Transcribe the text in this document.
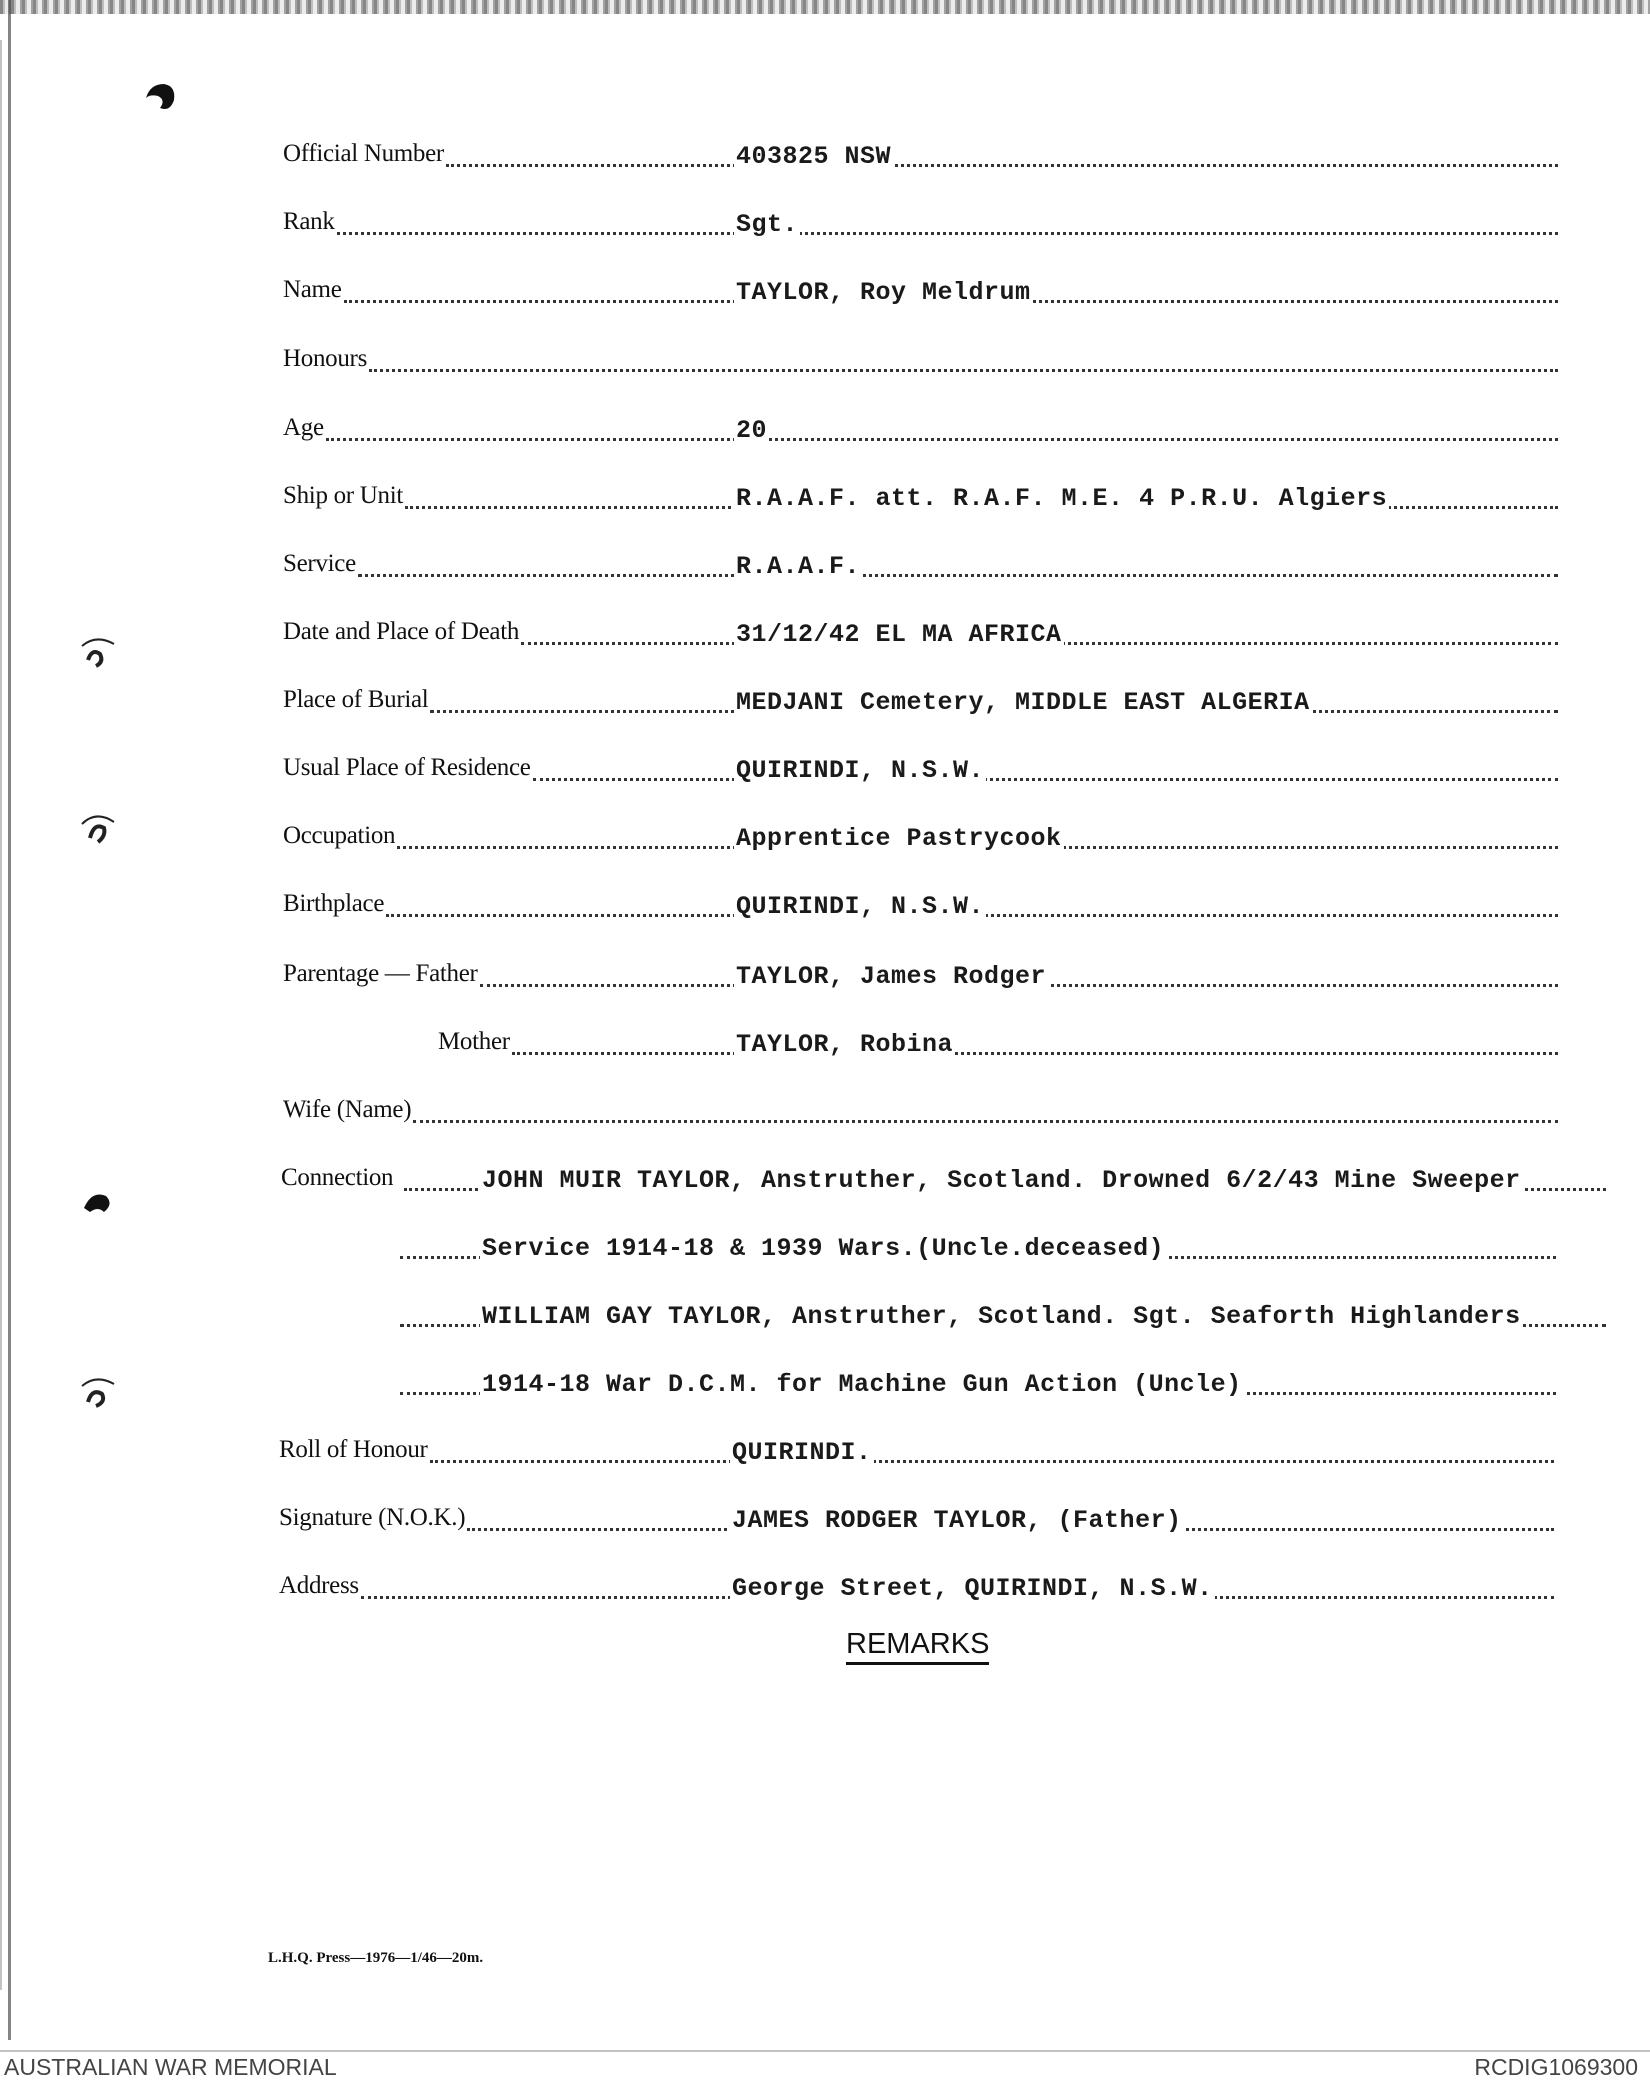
Official Number	403825 NSW
Rank	Sgt.
Name	TAYLOR, Roy Meldrum
Honours
Age	20
Ship or Unit	R.A.A.F. att. R.A.F. M.E. 4 P.R.U. Algiers
Service	R.A.A.F.
Date and Place of Death	31/12/42 EL MA AFRICA
Place of Burial	MEDJANI Cemetery, MIDDLE EAST ALGERIA
Usual Place of Residence	QUIRINDI, N.S.W.
Occupation	Apprentice Pastrycook
Birthplace	QUIRINDI, N.S.W.
Parentage — Father	TAYLOR, James Rodger
Mother	TAYLOR, Robina
Wife (Name)
Connection	JOHN MUIR TAYLOR, Anstruther, Scotland. Drowned 6/2/43 Mine Sweeper
Service 1914-18 & 1939 Wars.(Uncle.deceased)
WILLIAM GAY TAYLOR, Anstruther, Scotland. Sgt. Seaforth Highlanders
1914-18 War D.C.M. for Machine Gun Action (Uncle)
Roll of Honour	QUIRINDI.
Signature (N.O.K.)	JAMES RODGER TAYLOR, (Father)
Address	George Street, QUIRINDI, N.S.W.
REMARKS
L.H.Q. Press—1976—1/46—20m.
AUSTRALIAN WAR MEMORIAL	RCDIG1069300
